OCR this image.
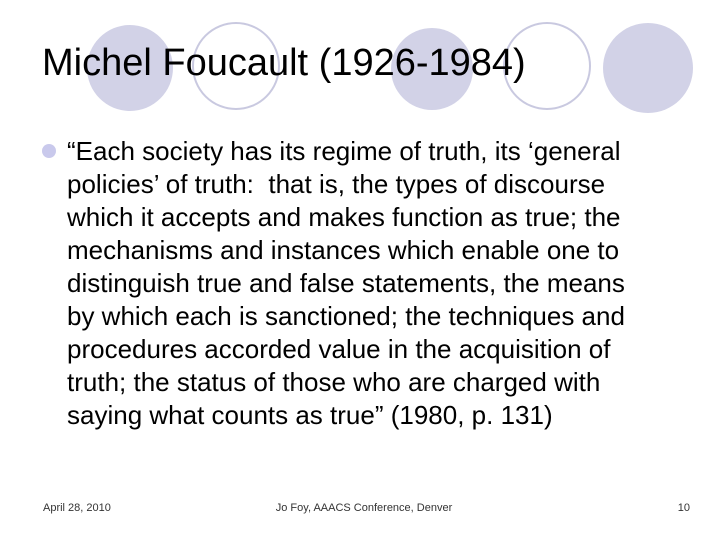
Michel Foucault (1926-1984)
“Each society has its regime of truth, its ‘general
policies’ of truth:  that is, the types of discourse
which it accepts and makes function as true; the
mechanisms and instances which enable one to
distinguish true and false statements, the means
by which each is sanctioned; the techniques and
procedures accorded value in the acquisition of
truth; the status of those who are charged with
saying what counts as true” (1980, p. 131)
April 28, 2010	Jo Foy, AAACS Conference, Denver	10
